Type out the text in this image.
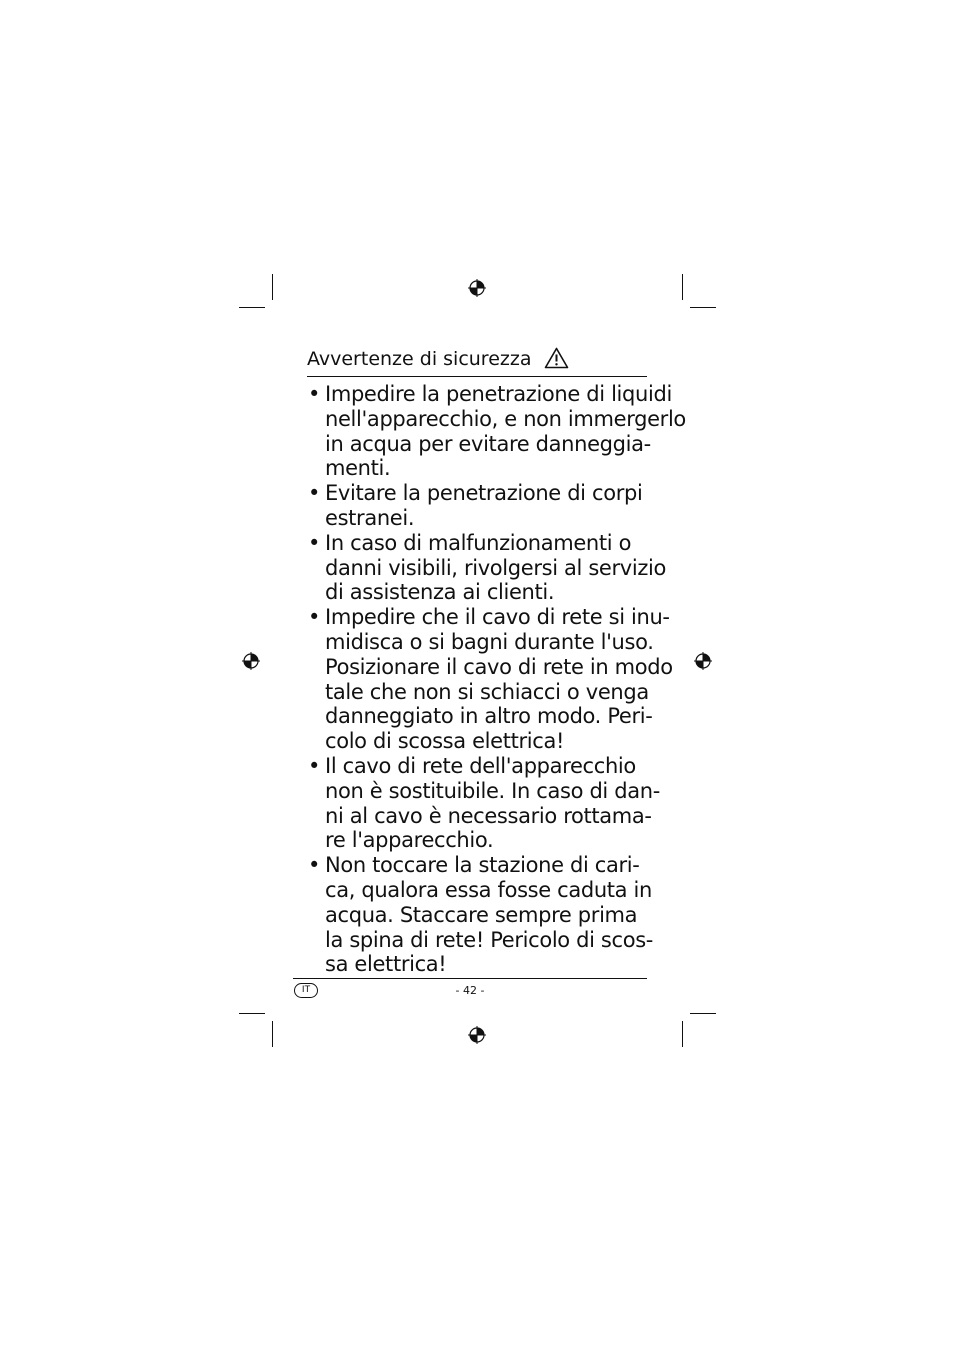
Avvertenze di sicurezza
• Impedire la penetrazione di liquidi
nell'apparecchio, e non immergerlo
in acqua per evitare danneggia-
menti.
• Evitare la penetrazione di corpi
estranei.
• In caso di malfunzionamenti o
danni visibili, rivolgersi al servizio
di assistenza ai clienti.
• Impedire che il cavo di rete si inu-
midisca o si bagni durante l'uso.
Posizionare il cavo di rete in modo
tale che non si schiacci o venga
danneggiato in altro modo. Peri-
colo di scossa elettrica!
• Il cavo di rete dell'apparecchio
non è sostituibile. In caso di dan-
ni al cavo è necessario rottama-
re l'apparecchio.
• Non toccare la stazione di cari-
ca, qualora essa fosse caduta in
acqua. Staccare sempre prima
la spina di rete! Pericolo di scos-
sa elettrica!
IT	- 42 -
